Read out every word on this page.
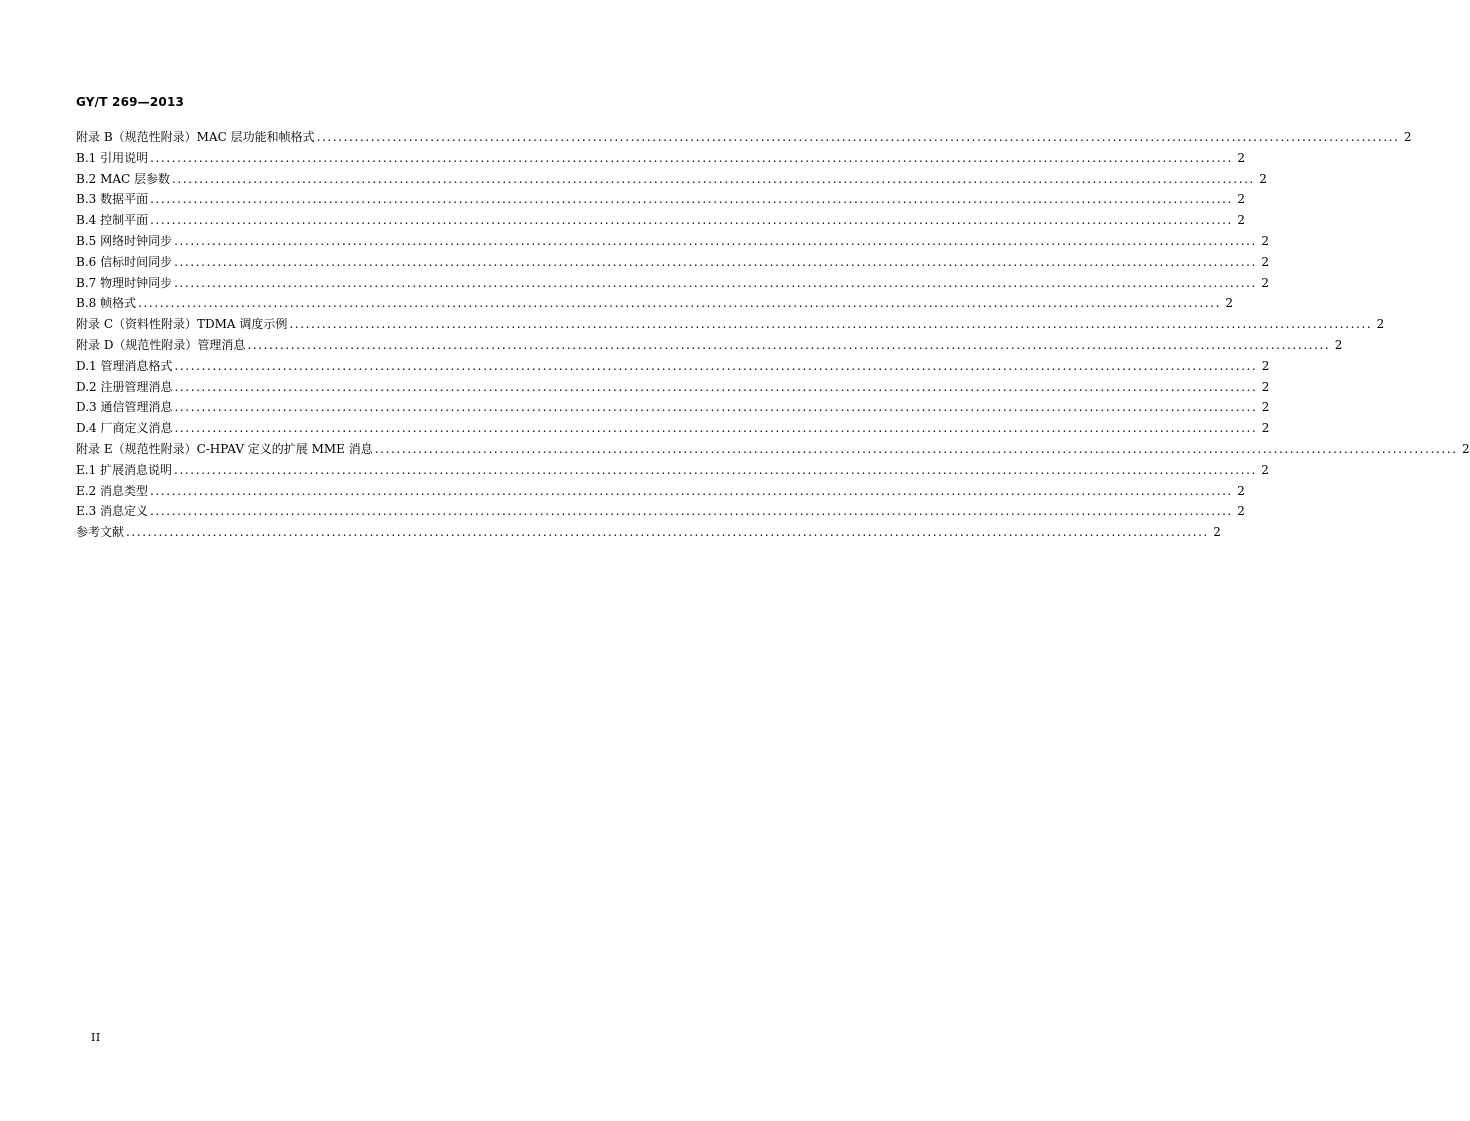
GY/T 269—2013
附录 B（规范性附录）MAC 层功能和帧格式 ........................................................................................................................................................................................................ 2
B.1 引用说明 ........................................................................................................................................................................................................ 2
B.2 MAC 层参数 ........................................................................................................................................................................................................ 2
B.3 数据平面 ........................................................................................................................................................................................................ 2
B.4 控制平面 ........................................................................................................................................................................................................ 2
B.5 网络时钟同步 ........................................................................................................................................................................................................ 2
B.6 信标时间同步 ........................................................................................................................................................................................................ 2
B.7 物理时钟同步 ........................................................................................................................................................................................................ 2
B.8 帧格式 ........................................................................................................................................................................................................ 2
附录 C（资料性附录）TDMA 调度示例 ........................................................................................................................................................................................................ 2
附录 D（规范性附录）管理消息 ........................................................................................................................................................................................................ 2
D.1 管理消息格式 ........................................................................................................................................................................................................ 2
D.2 注册管理消息 ........................................................................................................................................................................................................ 2
D.3 通信管理消息 ........................................................................................................................................................................................................ 2
D.4 厂商定义消息 ........................................................................................................................................................................................................ 2
附录 E（规范性附录）C-HPAV 定义的扩展 MME 消息 ........................................................................................................................................................................................................ 2
E.1 扩展消息说明 ........................................................................................................................................................................................................ 2
E.2 消息类型 ........................................................................................................................................................................................................ 2
E.3 消息定义 ........................................................................................................................................................................................................ 2
参考文献 ........................................................................................................................................................................................................ 2
II
